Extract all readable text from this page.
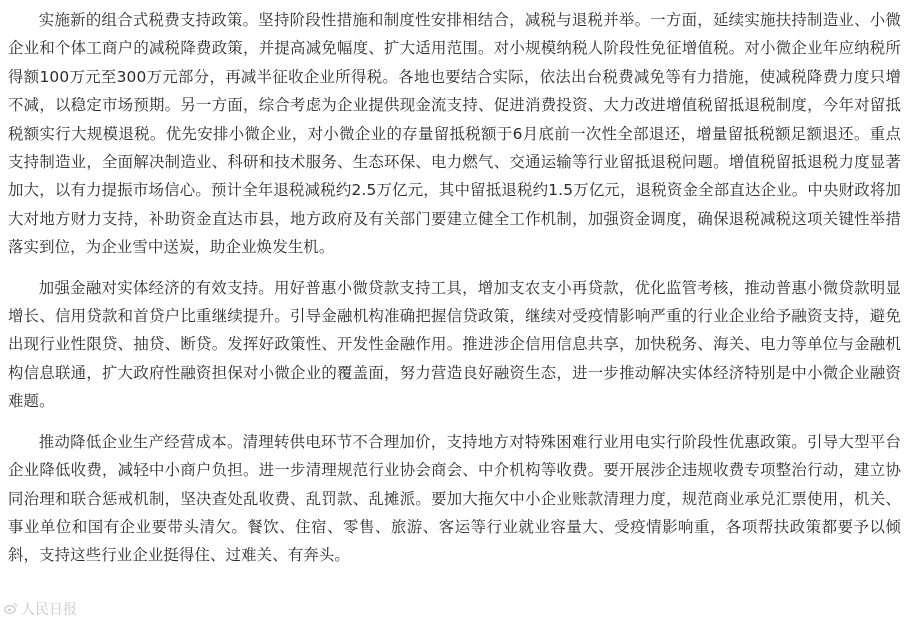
实施新的组合式税费支持政策。坚持阶段性措施和制度性安排相结合，减税与退税并举。一方面，延续实施扶持制造业、小微企业和个体工商户的减税降费政策，并提高减免幅度、扩大适用范围。对小规模纳税人阶段性免征增值税。对小微企业年应纳税所得额100万元至300万元部分，再减半征收企业所得税。各地也要结合实际，依法出台税费减免等有力措施，使减税降费力度只增不减，以稳定市场预期。另一方面，综合考虑为企业提供现金流支持、促进消费投资、大力改进增值税留抵退税制度，今年对留抵税额实行大规模退税。优先安排小微企业，对小微企业的存量留抵税额于6月底前一次性全部退还，增量留抵税额足额退还。重点支持制造业，全面解决制造业、科研和技术服务、生态环保、电力燃气、交通运输等行业留抵退税问题。增值税留抵退税力度显著加大，以有力提振市场信心。预计全年退税减税约2.5万亿元，其中留抵退税约1.5万亿元，退税资金全部直达企业。中央财政将加大对地方财力支持，补助资金直达市县，地方政府及有关部门要建立健全工作机制，加强资金调度，确保退税减税这项关键性举措落实到位，为企业雪中送炭，助企业焕发生机。

加强金融对实体经济的有效支持。用好普惠小微贷款支持工具，增加支农支小再贷款，优化监管考核，推动普惠小微贷款明显增长、信用贷款和首贷户比重继续提升。引导金融机构准确把握信贷政策，继续对受疫情影响严重的行业企业给予融资支持，避免出现行业性限贷、抽贷、断贷。发挥好政策性、开发性金融作用。推进涉企信用信息共享，加快税务、海关、电力等单位与金融机构信息联通，扩大政府性融资担保对小微企业的覆盖面，努力营造良好融资生态，进一步推动解决实体经济特别是中小微企业融资难题。

推动降低企业生产经营成本。清理转供电环节不合理加价，支持地方对特殊困难行业用电实行阶段性优惠政策。引导大型平台企业降低收费，减轻中小商户负担。进一步清理规范行业协会商会、中介机构等收费。要开展涉企违规收费专项整治行动，建立协同治理和联合惩戒机制，坚决查处乱收费、乱罚款、乱摊派。要加大拖欠中小企业账款清理力度，规范商业承兑汇票使用，机关、事业单位和国有企业要带头清欠。餐饮、住宿、零售、旅游、客运等行业就业容量大、受疫情影响重，各项帮扶政策都要予以倾斜，支持这些行业企业挺得住、过难关、有奔头。

人民日报
